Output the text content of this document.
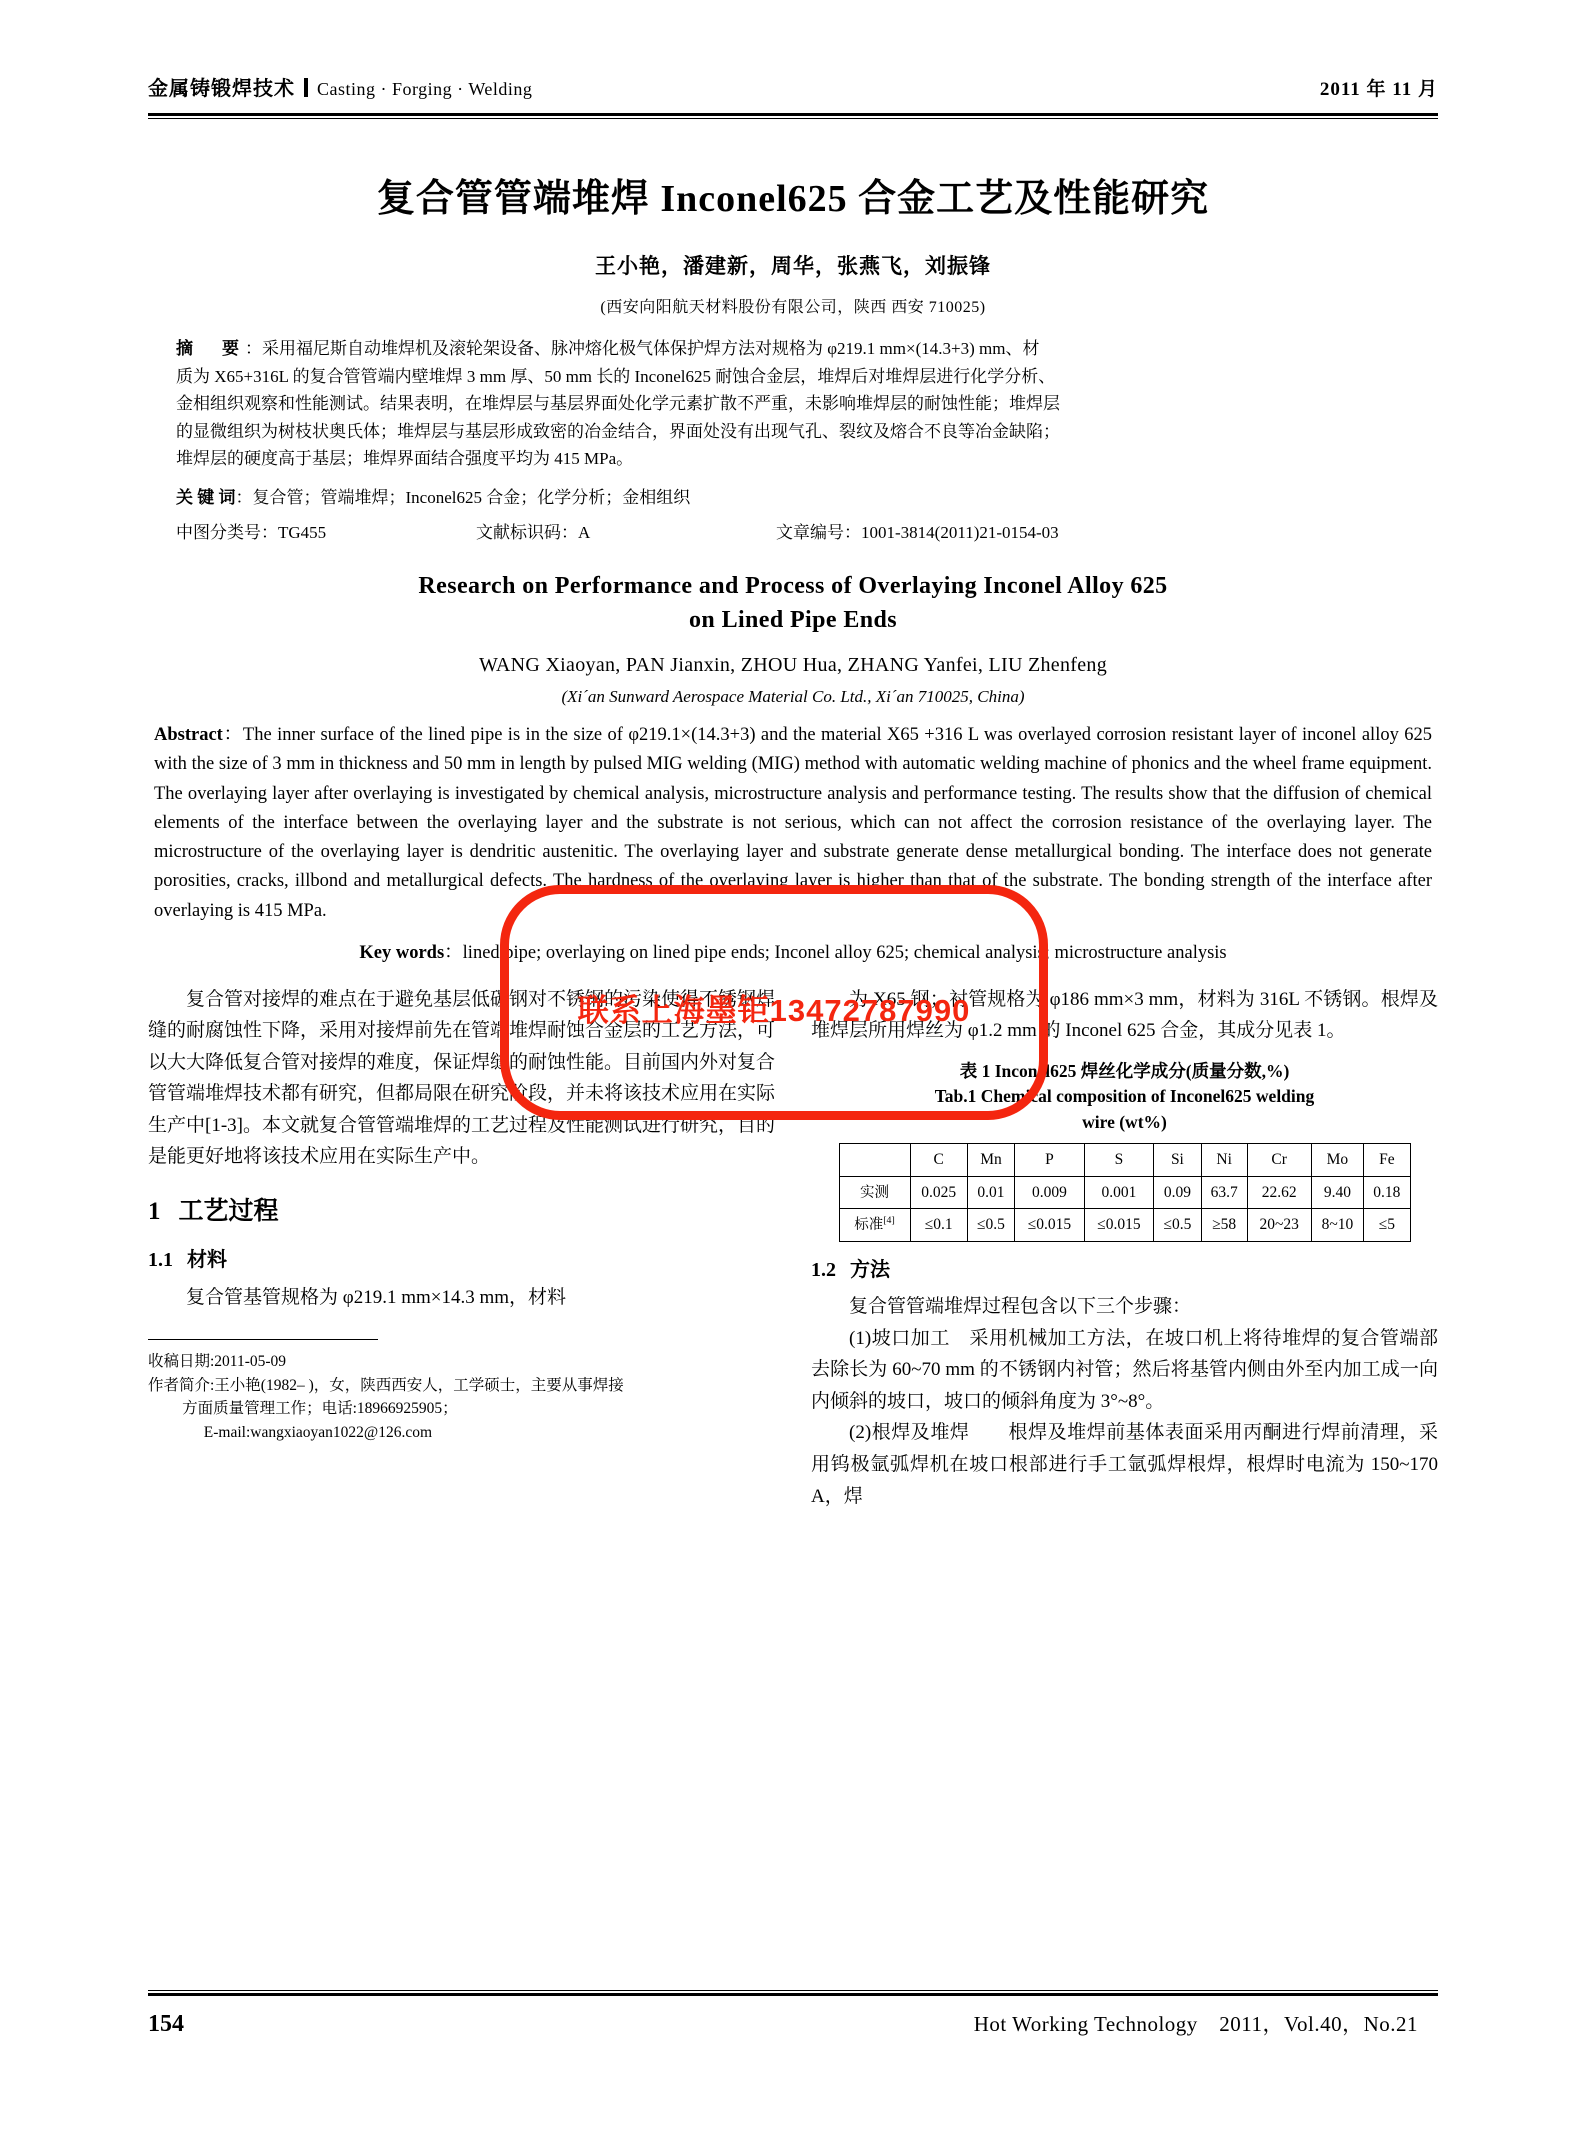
金属铸锻焊技术 Casting · Forging · Welding	2011 年 11 月
复合管管端堆焊 Inconel625 合金工艺及性能研究
王小艳，潘建新，周华，张燕飞，刘振锋
(西安向阳航天材料股份有限公司，陕西 西安 710025)
摘　要：采用福尼斯自动堆焊机及滚轮架设备、脉冲熔化极气体保护焊方法对规格为 φ219.1 mm×(14.3+3) mm、材
质为 X65+316L 的复合管管端内壁堆焊 3 mm 厚、50 mm 长的 Inconel625 耐蚀合金层，堆焊后对堆焊层进行化学分析、
金相组织观察和性能测试。结果表明，在堆焊层与基层界面处化学元素扩散不严重，未影响堆焊层的耐蚀性能；堆焊层
的显微组织为树枝状奥氏体；堆焊层与基层形成致密的冶金结合，界面处没有出现气孔、裂纹及熔合不良等冶金缺陷；
堆焊层的硬度高于基层；堆焊界面结合强度平均为 415 MPa。
关 键 词：复合管；管端堆焊；Inconel625 合金；化学分析；金相组织
中图分类号：TG455	文献标识码：A	文章编号：1001-3814(2011)21-0154-03
Research on Performance and Process of Overlaying Inconel Alloy 625
on Lined Pipe Ends
WANG Xiaoyan, PAN Jianxin, ZHOU Hua, ZHANG Yanfei, LIU Zhenfeng
(Xi´an Sunward Aerospace Material Co. Ltd., Xi´an 710025, China)
Abstract：The inner surface of the lined pipe is in the size of φ219.1×(14.3+3) and the material X65 +316 L was overlayed corrosion resistant layer of inconel alloy 625 with the size of 3 mm in thickness and 50 mm in length by pulsed MIG welding (MIG) method with automatic welding machine of phonics and the wheel frame equipment. The overlaying layer after overlaying is investigated by chemical analysis, microstructure analysis and performance testing. The results show that the diffusion of chemical elements of the interface between the overlaying layer and the substrate is not serious, which can not affect the corrosion resistance of the overlaying layer. The microstructure of the overlaying layer is dendritic austenitic. The overlaying layer and substrate generate dense metallurgical bonding. The interface does not generate porosities, cracks, illbond and metallurgical defects. The hardness of the overlaying layer is higher than that of the substrate. The bonding strength of the interface after overlaying is 415 MPa.
Key words：lined pipe; overlaying on lined pipe ends; Inconel alloy 625; chemical analysis; microstructure analysis

复合管对接焊的难点在于避免基层低碳钢对不锈钢的污染使得不锈钢焊缝的耐腐蚀性下降，采用对接焊前先在管端堆焊耐蚀合金层的工艺方法，可以大大降低复合管对接焊的难度，保证焊缝的耐蚀性能。目前国内外对复合管管端堆焊技术都有研究，但都局限在研究阶段，并未将该技术应用在实际生产中[1-3]。本文就复合管管端堆焊的工艺过程及性能测试进行研究，目的是能更好地将该技术应用在实际生产中。

1 工艺过程
1.1 材料

复合管基管规格为 φ219.1 mm×14.3 mm，材料

收稿日期:2011-05-09
作者简介:王小艳(1982– )，女，陕西西安人，工学硕士，主要从事焊接
方面质量管理工作；电话:18966925905；
E-mail:wangxiaoyan1022@126.com

为 X65 钢；衬管规格为 φ186 mm×3 mm，材料为 316L 不锈钢。根焊及堆焊层所用焊丝为 φ1.2 mm 的 Inconel 625 合金，其成分见表 1。

表 1 Inconel625 焊丝化学成分(质量分数,%)
Tab.1 Chemical composition of Inconel625 welding
wire (wt%)
	C	Mn	P	S	Si	Ni	Cr	Mo	Fe
实测	0.025	0.01	0.009	0.001	0.09	63.7	22.62	9.40	0.18
标准[4]	≤0.1	≤0.5	≤0.015	≤0.015	≤0.5	≥58	20~23	8~10	≤5
1.2 方法

复合管管端堆焊过程包含以下三个步骤：

(1)坡口加工　采用机械加工方法，在坡口机上将待堆焊的复合管端部去除长为 60~70 mm 的不锈钢内衬管；然后将基管内侧由外至内加工成一向内倾斜的坡口，坡口的倾斜角度为 3°~8°。

(2)根焊及堆焊　　根焊及堆焊前基体表面采用丙酮进行焊前清理，采用钨极氩弧焊机在坡口根部进行手工氩弧焊根焊，根焊时电流为 150~170 A，焊

154	Hot Working Technology　2011，Vol.40，No.21
联系上海墨钜13472787990
